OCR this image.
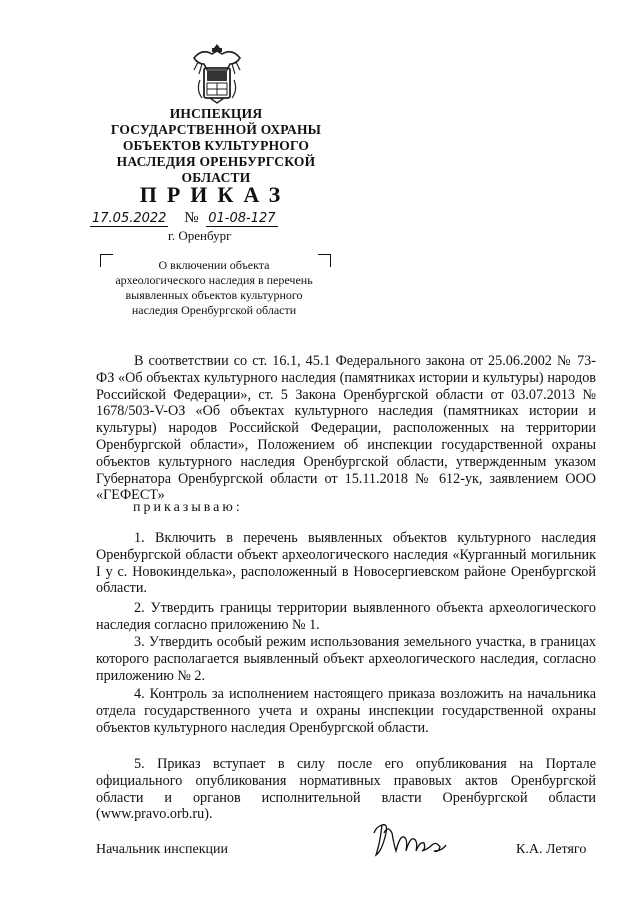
ИНСПЕКЦИЯ
ГОСУДАРСТВЕННОЙ ОХРАНЫ
ОБЪЕКТОВ КУЛЬТУРНОГО
НАСЛЕДИЯ ОРЕНБУРГСКОЙ
ОБЛАСТИ
ПРИКАЗ
17.05.2022 № 01-08-127
г. Оренбург
О включении объекта
археологического наследия в перечень
выявленных объектов культурного
наследия Оренбургской области
В соответствии со ст. 16.1, 45.1 Федерального закона от 25.06.2002 № 73-ФЗ «Об объектах культурного наследия (памятниках истории и культуры) народов Российской Федерации», ст. 5 Закона Оренбургской области от 03.07.2013 № 1678/503-V-ОЗ «Об объектах культурного наследия (памятниках истории и культуры) народов Российской Федерации, расположенных на территории Оренбургской области», Положением об инспекции государственной охраны объектов культурного наследия Оренбургской области, утвержденным указом Губернатора Оренбургской области от 15.11.2018 № 612-ук, заявлением ООО «ГЕФЕСТ»
приказываю:
1. Включить в перечень выявленных объектов культурного наследия Оренбургской области объект археологического наследия «Курганный могильник I у с. Новокинделька», расположенный в Новосергиевском районе Оренбургской области.
2. Утвердить границы территории выявленного объекта археологического наследия согласно приложению № 1.
3. Утвердить особый режим использования земельного участка, в границах которого располагается выявленный объект археологического наследия, согласно приложению № 2.
4. Контроль за исполнением настоящего приказа возложить на начальника отдела государственного учета и охраны инспекции государственной охраны объектов культурного наследия Оренбургской области.
5. Приказ вступает в силу после его опубликования на Портале официального опубликования нормативных правовых актов Оренбургской области и органов исполнительной власти Оренбургской области (www.pravo.orb.ru).
Начальник инспекции	К.А. Летяго
